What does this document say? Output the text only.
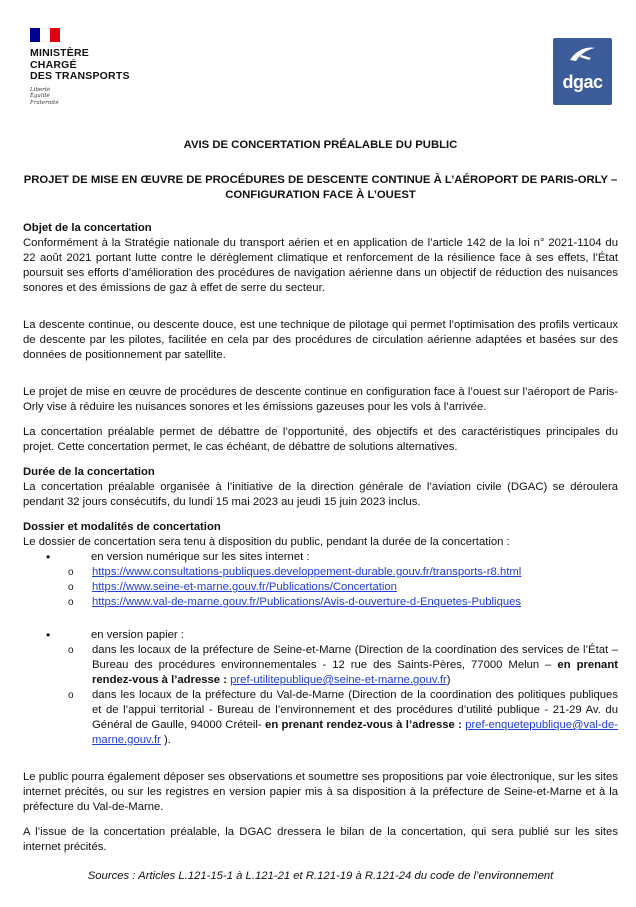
MINISTÈRE
CHARGÉ
DES TRANSPORTS
Liberté
Égalité
Fraternité
dgac
AVIS DE CONCERTATION PRÉALABLE DU PUBLIC
PROJET DE MISE EN ŒUVRE DE PROCÉDURES DE DESCENTE CONTINUE À L’AÉROPORT DE PARIS-ORLY – CONFIGURATION FACE À L’OUEST
Objet de la concertation

Conformément à la Stratégie nationale du transport aérien et en application de l’article 142 de la loi n° 2021-1104 du 22 août 2021 portant lutte contre le dérèglement climatique et renforcement de la résilience face à ses effets, l’État poursuit ses efforts d’amélioration des procédures de navigation aérienne dans un objectif de réduction des nuisances sonores et des émissions de gaz à effet de serre du secteur.

La descente continue, ou descente douce, est une technique de pilotage qui permet l’optimisation des profils verticaux de descente par les pilotes, facilitée en cela par des procédures de circulation aérienne adaptées et basées sur des données de positionnement par satellite.

Le projet de mise en œuvre de procédures de descente continue en configuration face à l’ouest sur l’aéroport de Paris-Orly vise à réduire les nuisances sonores et les émissions gazeuses pour les vols à l’arrivée.

La concertation préalable permet de débattre de l’opportunité, des objectifs et des caractéristiques principales du projet. Cette concertation permet, le cas échéant, de débattre de solutions alternatives.

Durée de la concertation

La concertation préalable organisée à l’initiative de la direction générale de l’aviation civile (DGAC) se déroulera pendant 32 jours consécutifs, du lundi 15 mai 2023 au jeudi 15 juin 2023 inclus.

Dossier et modalités de concertation

Le dossier de concertation sera tenu à disposition du public, pendant la durée de la concertation :

•	en version numérique sur les sites internet :
o https://www.consultations-publiques.developpement-durable.gouv.fr/transports-r8.html
o https://www.seine-et-marne.gouv.fr/Publications/Concertation
o https://www.val-de-marne.gouv.fr/Publications/Avis-d-ouverture-d-Enquetes-Publiques
•	en version papier :
o dans les locaux de la préfecture de Seine-et-Marne (Direction de la coordination des services de l’État – Bureau des procédures environnementales - 12 rue des Saints-Pères, 77000 Melun – en prenant rendez-vous à l’adresse : pref-utilitepublique@seine-et-marne.gouv.fr)
o dans les locaux de la préfecture du Val-de-Marne (Direction de la coordination des politiques publiques et de l’appui territorial - Bureau de l’environnement et des procédures d’utilité publique - 21-29 Av. du Général de Gaulle, 94000 Créteil- en prenant rendez-vous à l’adresse : pref-enquetepublique@val-de-marne.gouv.fr ).

Le public pourra également déposer ses observations et soumettre ses propositions par voie électronique, sur les sites internet précités, ou sur les registres en version papier mis à sa disposition à la préfecture de Seine-et-Marne et à la préfecture du Val-de-Marne.

A l’issue de la concertation préalable, la DGAC dressera le bilan de la concertation, qui sera publié sur les sites internet précités.

Sources : Articles L.121-15-1 à L.121-21 et R.121-19 à R.121-24 du code de l’environnement
